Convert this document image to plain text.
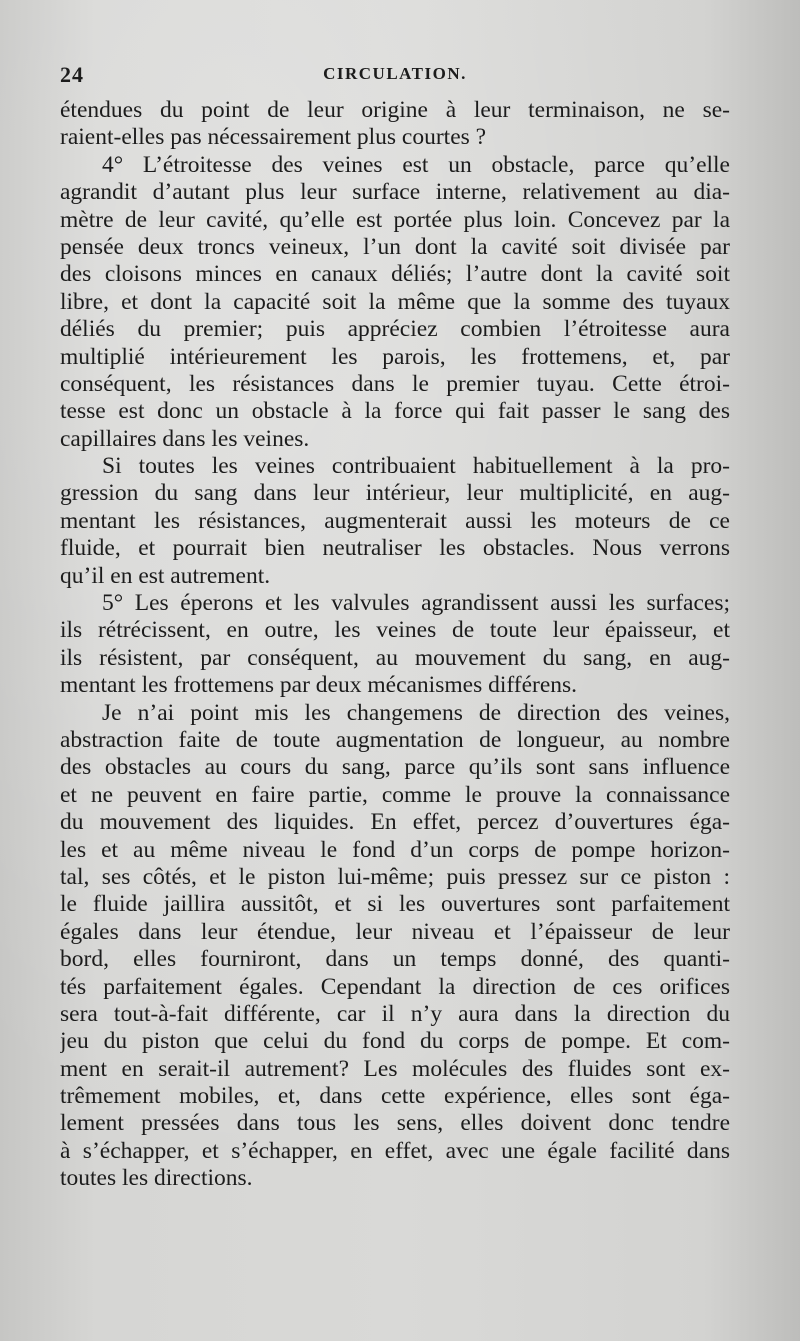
24	CIRCULATION.
étendues du point de leur origine à leur terminaison, ne se-
raient-elles pas nécessairement plus courtes ?
4° L’étroitesse des veines est un obstacle, parce qu’elle
agrandit d’autant plus leur surface interne, relativement au dia-
mètre de leur cavité, qu’elle est portée plus loin. Concevez par la
pensée deux troncs veineux, l’un dont la cavité soit divisée par
des cloisons minces en canaux déliés; l’autre dont la cavité soit
libre, et dont la capacité soit la même que la somme des tuyaux
déliés du premier; puis appréciez combien l’étroitesse aura
multiplié intérieurement les parois, les frottemens, et, par
conséquent, les résistances dans le premier tuyau. Cette étroi-
tesse est donc un obstacle à la force qui fait passer le sang des
capillaires dans les veines.
Si toutes les veines contribuaient habituellement à la pro-
gression du sang dans leur intérieur, leur multiplicité, en aug-
mentant les résistances, augmenterait aussi les moteurs de ce
fluide, et pourrait bien neutraliser les obstacles. Nous verrons
qu’il en est autrement.
5° Les éperons et les valvules agrandissent aussi les surfaces;
ils rétrécissent, en outre, les veines de toute leur épaisseur, et
ils résistent, par conséquent, au mouvement du sang, en aug-
mentant les frottemens par deux mécanismes différens.
Je n’ai point mis les changemens de direction des veines,
abstraction faite de toute augmentation de longueur, au nombre
des obstacles au cours du sang, parce qu’ils sont sans influence
et ne peuvent en faire partie, comme le prouve la connaissance
du mouvement des liquides. En effet, percez d’ouvertures éga-
les et au même niveau le fond d’un corps de pompe horizon-
tal, ses côtés, et le piston lui-même; puis pressez sur ce piston :
le fluide jaillira aussitôt, et si les ouvertures sont parfaitement
égales dans leur étendue, leur niveau et l’épaisseur de leur
bord, elles fourniront, dans un temps donné, des quanti-
tés parfaitement égales. Cependant la direction de ces orifices
sera tout-à-fait différente, car il n’y aura dans la direction du
jeu du piston que celui du fond du corps de pompe. Et com-
ment en serait-il autrement? Les molécules des fluides sont ex-
trêmement mobiles, et, dans cette expérience, elles sont éga-
lement pressées dans tous les sens, elles doivent donc tendre
à s’échapper, et s’échapper, en effet, avec une égale facilité dans
toutes les directions.
